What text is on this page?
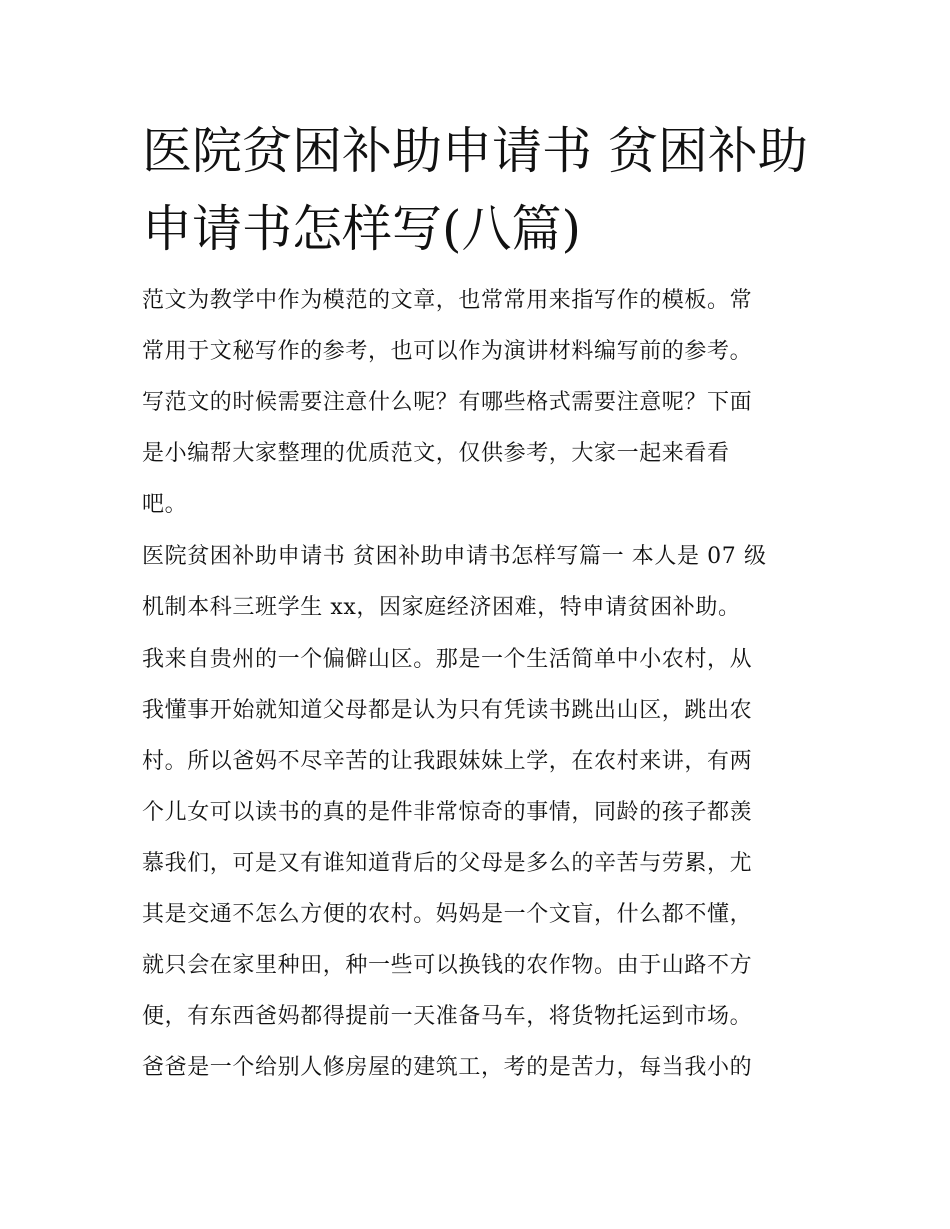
医院贫困补助申请书 贫困补助
申请书怎样写(八篇)
范文为教学中作为模范的文章，也常常用来指写作的模板。常
常用于文秘写作的参考，也可以作为演讲材料编写前的参考。
写范文的时候需要注意什么呢？有哪些格式需要注意呢？下面
是小编帮大家整理的优质范文，仅供参考，大家一起来看看
吧。
医院贫困补助申请书 贫困补助申请书怎样写篇一 本人是 07 级
机制本科三班学生 xx，因家庭经济困难，特申请贫困补助。
我来自贵州的一个偏僻山区。那是一个生活简单中小农村，从
我懂事开始就知道父母都是认为只有凭读书跳出山区，跳出农
村。所以爸妈不尽辛苦的让我跟妹妹上学，在农村来讲，有两
个儿女可以读书的真的是件非常惊奇的事情，同龄的孩子都羡
慕我们，可是又有谁知道背后的父母是多么的辛苦与劳累，尤
其是交通不怎么方便的农村。妈妈是一个文盲，什么都不懂，
就只会在家里种田，种一些可以换钱的农作物。由于山路不方
便，有东西爸妈都得提前一天准备马车，将货物托运到市场。
爸爸是一个给别人修房屋的建筑工，考的是苦力，每当我小的
